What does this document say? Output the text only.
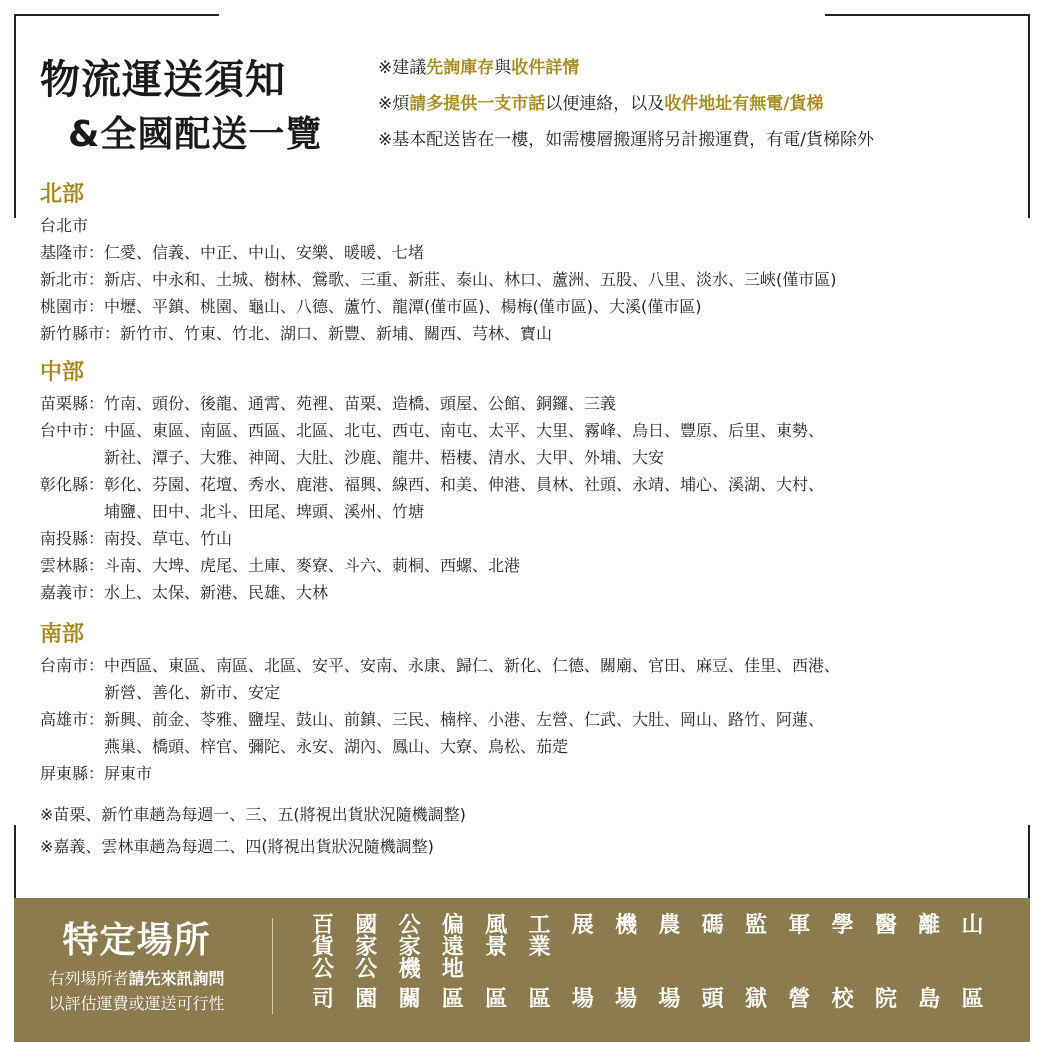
物流運送須知
&全國配送一覽
※建議先詢庫存與收件詳情
※煩請多提供一支市話以便連絡，以及收件地址有無電/貨梯
※基本配送皆在一樓，如需樓層搬運將另計搬運費，有電/貨梯除外
北部
台北市
基隆市： 仁愛、信義、中正、中山、安樂、暖暖、七堵
新北市： 新店、中永和、土城、樹林、鶯歌、三重、新莊、泰山、林口、蘆洲、五股、八里、淡水、三峽(僅市區)
桃園市： 中壢、平鎮、桃園、龜山、八德、蘆竹、龍潭(僅市區)、楊梅(僅市區)、大溪(僅市區)
新竹縣市： 新竹市、竹東、竹北、湖口、新豐、新埔、關西、芎林、寶山
中部
苗栗縣： 竹南、頭份、後龍、通霄、苑裡、苗栗、造橋、頭屋、公館、銅鑼、三義
台中市： 中區、東區、南區、西區、北區、北屯、西屯、南屯、太平、大里、霧峰、烏日、豐原、后里、東勢、
新社、潭子、大雅、神岡、大肚、沙鹿、龍井、梧棲、清水、大甲、外埔、大安
彰化縣： 彰化、芬園、花壇、秀水、鹿港、福興、線西、和美、伸港、員林、社頭、永靖、埔心、溪湖、大村、
埔鹽、田中、北斗、田尾、埤頭、溪州、竹塘
南投縣： 南投、草屯、竹山
雲林縣： 斗南、大埤、虎尾、土庫、麥寮、斗六、莿桐、西螺、北港
嘉義市： 水上、太保、新港、民雄、大林
南部
台南市： 中西區、東區、南區、北區、安平、安南、永康、歸仁、新化、仁德、關廟、官田、麻豆、佳里、西港、
新營、善化、新市、安定
高雄市： 新興、前金、苓雅、鹽埕、鼓山、前鎮、三民、楠梓、小港、左營、仁武、大肚、岡山、路竹、阿蓮、
燕巢、橋頭、梓官、彌陀、永安、湖內、鳳山、大寮、鳥松、茄萣
屏東縣： 屏東市
※苗栗、新竹車趟為每週一、三、五(將視出貨狀況隨機調整)
※嘉義、雲林車趟為每週二、四(將視出貨狀況隨機調整)
特定場所
右列場所者請先來訊詢問
以評估運費或運送可行性
百
貨
公
司
國
家
公
園
公
家
機
關
偏
遠
地
區
風
景
區
工
業
區
展
場
機
場
農
場
碼
頭
監
獄
軍
營
學
校
醫
院
離
島
山
區
